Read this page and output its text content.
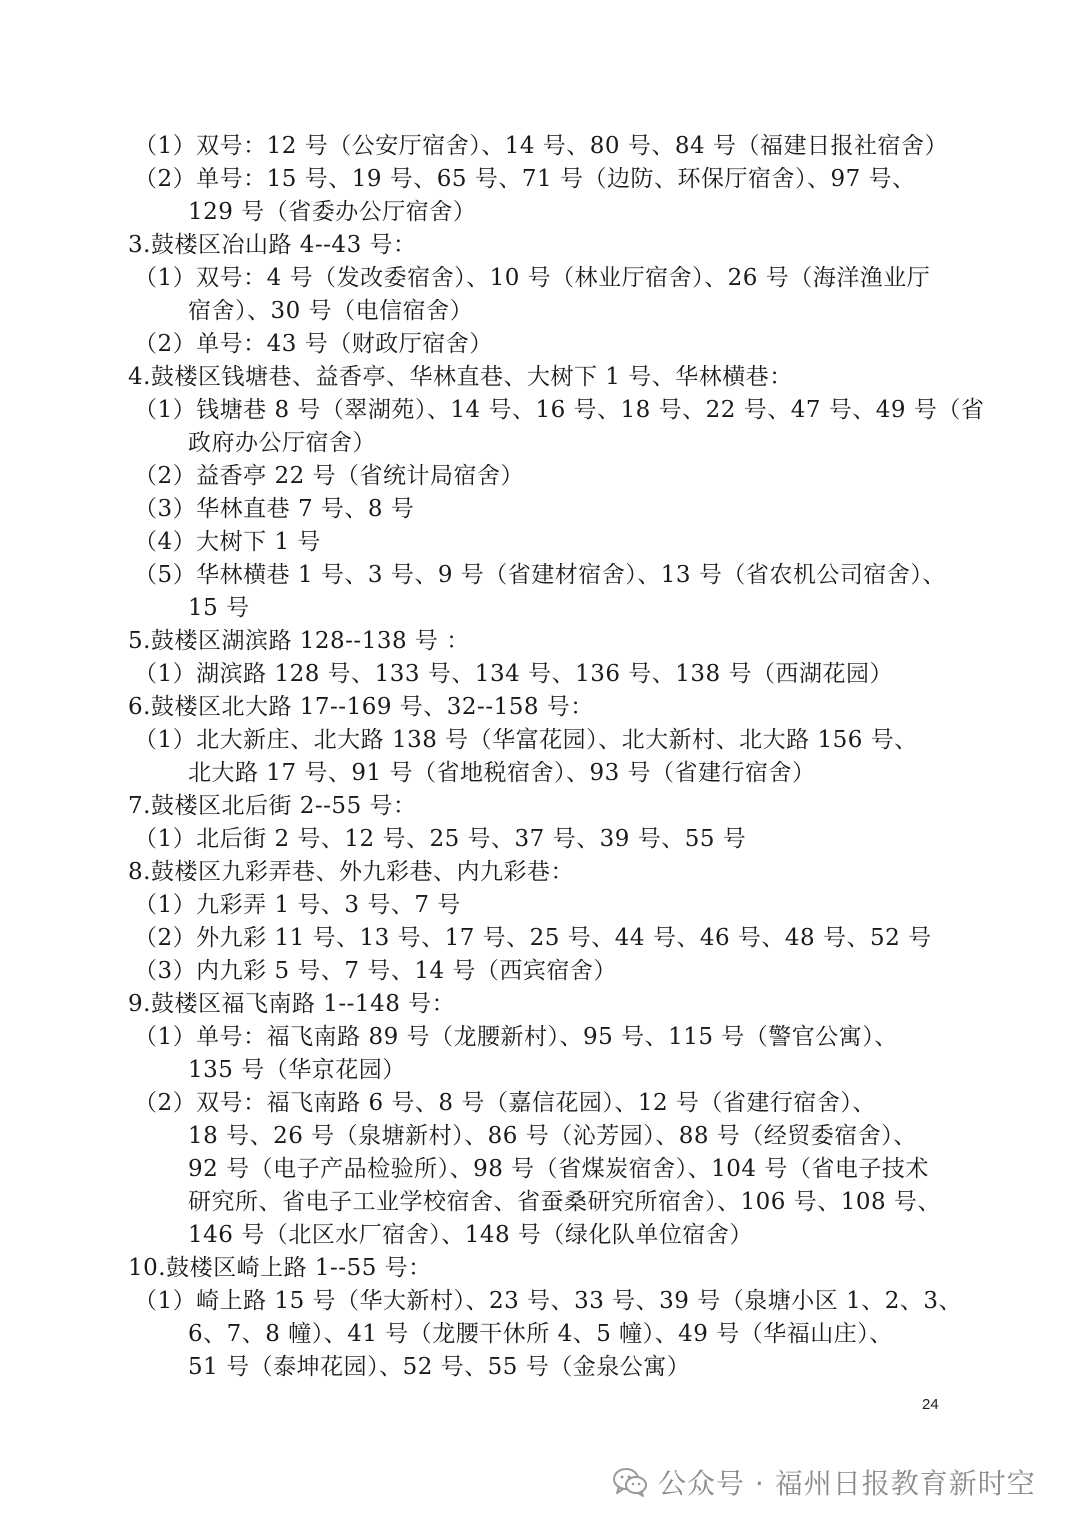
（1）双号：12 号（公安厅宿舍）、14 号、80 号、84 号（福建日报社宿舍）
（2）单号：15 号、19 号、65 号、71 号（边防、环保厅宿舍）、97 号、
129 号（省委办公厅宿舍）
3.鼓楼区冶山路 4--43 号：
（1）双号：4 号（发改委宿舍）、10 号（林业厅宿舍）、26 号（海洋渔业厅
宿舍）、30 号（电信宿舍）
（2）单号：43 号（财政厅宿舍）
4.鼓楼区钱塘巷、益香亭、华林直巷、大树下 1 号、华林横巷：
（1）钱塘巷 8 号（翠湖苑）、14 号、16 号、18 号、22 号、47 号、49 号（省
政府办公厅宿舍）
（2）益香亭 22 号（省统计局宿舍）
（3）华林直巷 7 号、8 号
（4）大树下 1 号
（5）华林横巷 1 号、3 号、9 号（省建材宿舍）、13 号（省农机公司宿舍）、
15 号
5.鼓楼区湖滨路 128--138 号 ：
（1）湖滨路 128 号、133 号、134 号、136 号、138 号（西湖花园）
6.鼓楼区北大路 17--169 号、32--158 号：
（1）北大新庄、北大路 138 号（华富花园）、北大新村、北大路 156 号、
北大路 17 号、91 号（省地税宿舍）、93 号（省建行宿舍）
7.鼓楼区北后街 2--55 号：
（1）北后街 2 号、12 号、25 号、37 号、39 号、55 号
8.鼓楼区九彩弄巷、外九彩巷、内九彩巷：
（1）九彩弄 1 号、3 号、7 号
（2）外九彩 11 号、13 号、17 号、25 号、44 号、46 号、48 号、52 号
（3）内九彩 5 号、7 号、14 号（西宾宿舍）
9.鼓楼区福飞南路 1--148 号：
（1）单号：福飞南路 89 号（龙腰新村）、95 号、115 号（警官公寓）、
135 号（华京花园）
（2）双号：福飞南路 6 号、8 号（嘉信花园）、12 号（省建行宿舍）、
18 号、26 号（泉塘新村）、86 号（沁芳园）、88 号（经贸委宿舍）、
92 号（电子产品检验所）、98 号（省煤炭宿舍）、104 号（省电子技术
研究所、省电子工业学校宿舍、省蚕桑研究所宿舍）、106 号、108 号、
146 号（北区水厂宿舍）、148 号（绿化队单位宿舍）
10.鼓楼区崎上路 1--55 号：
（1）崎上路 15 号（华大新村）、23 号、33 号、39 号（泉塘小区 1、2、3、
6、7、8 幢）、41 号（龙腰干休所 4、5 幢）、49 号（华福山庄）、
51 号（泰坤花园）、52 号、55 号（金泉公寓）
24
公众号 · 福州日报教育新时空
